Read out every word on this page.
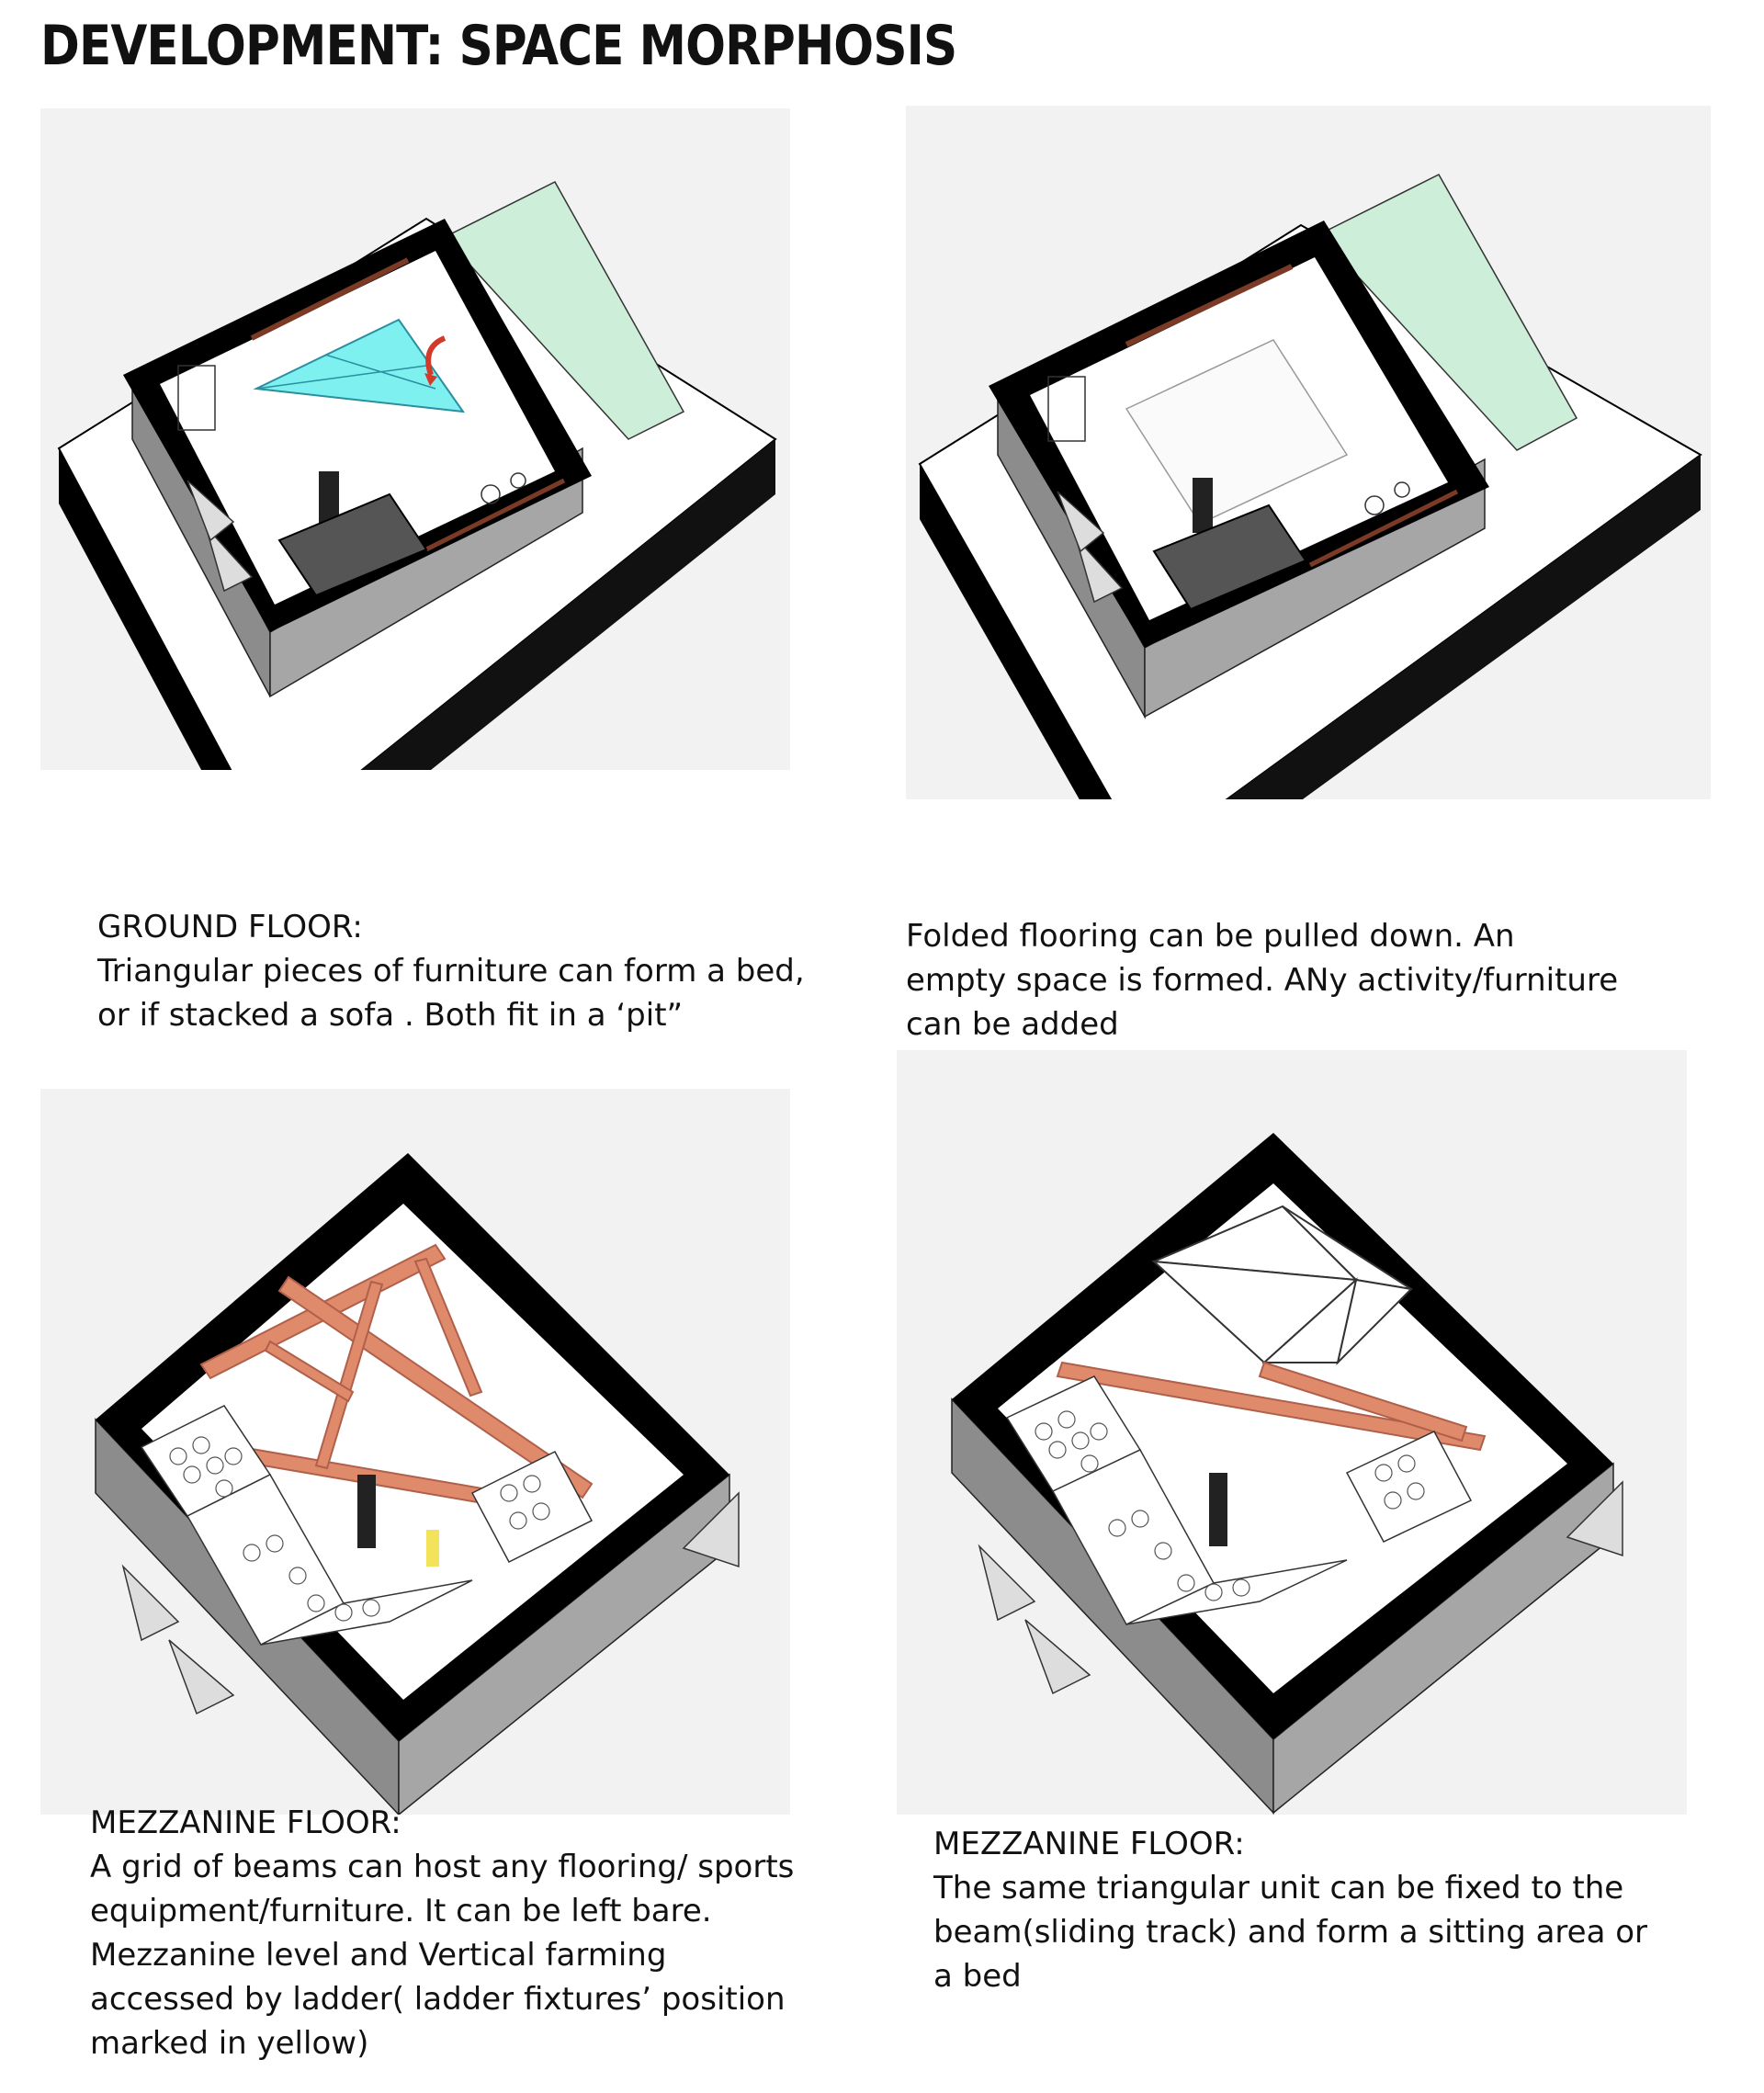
DEVELOPMENT: SPACE MORPHOSIS
GROUND FLOOR:
Triangular pieces of furniture can form a bed,
or if stacked a sofa . Both fit in a ‘pit”
Folded flooring can be pulled down. An
empty space is formed. ANy activity/furniture
can be added
MEZZANINE FLOOR:
A grid of beams can host any flooring/ sports
equipment/furniture. It can be left bare.
Mezzanine level and Vertical farming
accessed by ladder( ladder fixtures’ position
marked in yellow)
MEZZANINE FLOOR:
The same triangular unit can be fixed to the
beam(sliding track) and form a sitting area or
a bed
